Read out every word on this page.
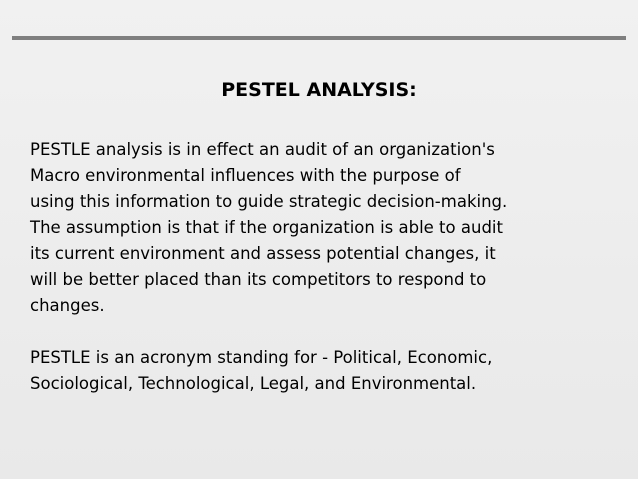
PESTEL ANALYSIS:

PESTLE analysis is in effect an audit of an organization's
Macro environmental influences with the purpose of
using this information to guide strategic decision-making.
The assumption is that if the organization is able to audit
its current environment and assess potential changes, it
will be better placed than its competitors to respond to
changes.

PESTLE is an acronym standing for - Political, Economic,
Sociological, Technological, Legal, and Environmental.
